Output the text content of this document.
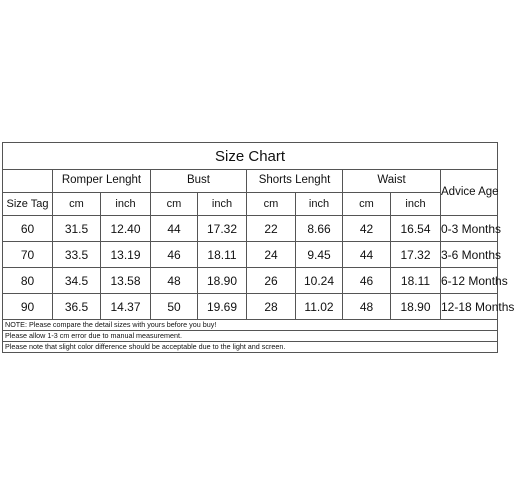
Size Chart									
	Romper Lenght		Bust		Shorts Lenght		Waist		Advice Age
Size Tag	cm	inch	cm	inch	cm	inch	cm	inch	
60	31.5	12.40	44	17.32	22	8.66	42	16.54	0-3 Months
70	33.5	13.19	46	18.11	24	9.45	44	17.32	3-6 Months
80	34.5	13.58	48	18.90	26	10.24	46	18.11	6-12 Months
90	36.5	14.37	50	19.69	28	11.02	48	18.90	12-18 Months
NOTE: Please compare the detail sizes with yours before you buy!									
Please allow 1-3 cm error due to manual measurement.									
Please note that slight color difference should be acceptable due to the light and screen.									
